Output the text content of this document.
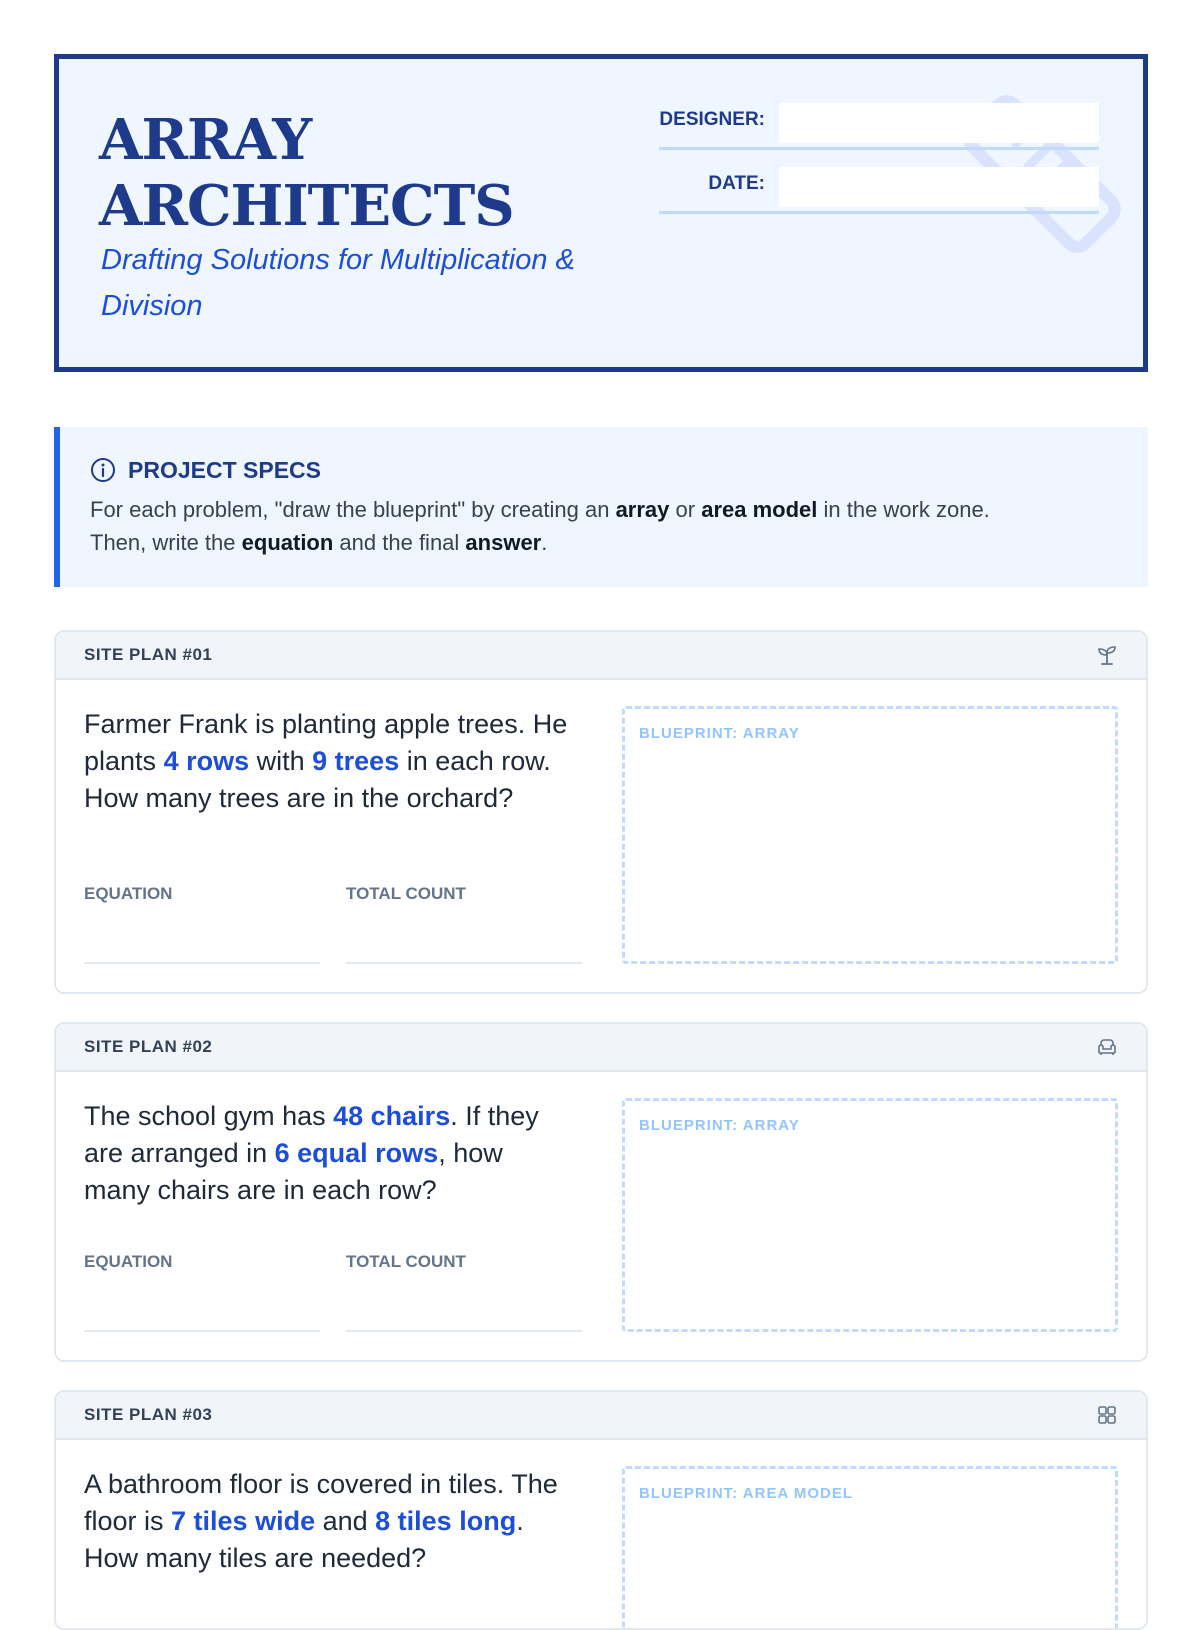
ARRAY
ARCHITECTS
Drafting Solutions for Multiplication &
Division
DESIGNER:
DATE:
PROJECT SPECS
For each problem, "draw the blueprint" by creating an array or area model in the work zone.
Then, write the equation and the final answer.
SITE PLAN #01
Farmer Frank is planting apple trees. He plants 4 rows with 9 trees in each row. How many trees are in the orchard?
EQUATION	TOTAL COUNT
BLUEPRINT: ARRAY
SITE PLAN #02
The school gym has 48 chairs. If they are arranged in 6 equal rows, how many chairs are in each row?
EQUATION	TOTAL COUNT
BLUEPRINT: ARRAY
SITE PLAN #03
A bathroom floor is covered in tiles. The floor is 7 tiles wide and 8 tiles long. How many tiles are needed?
BLUEPRINT: AREA MODEL
